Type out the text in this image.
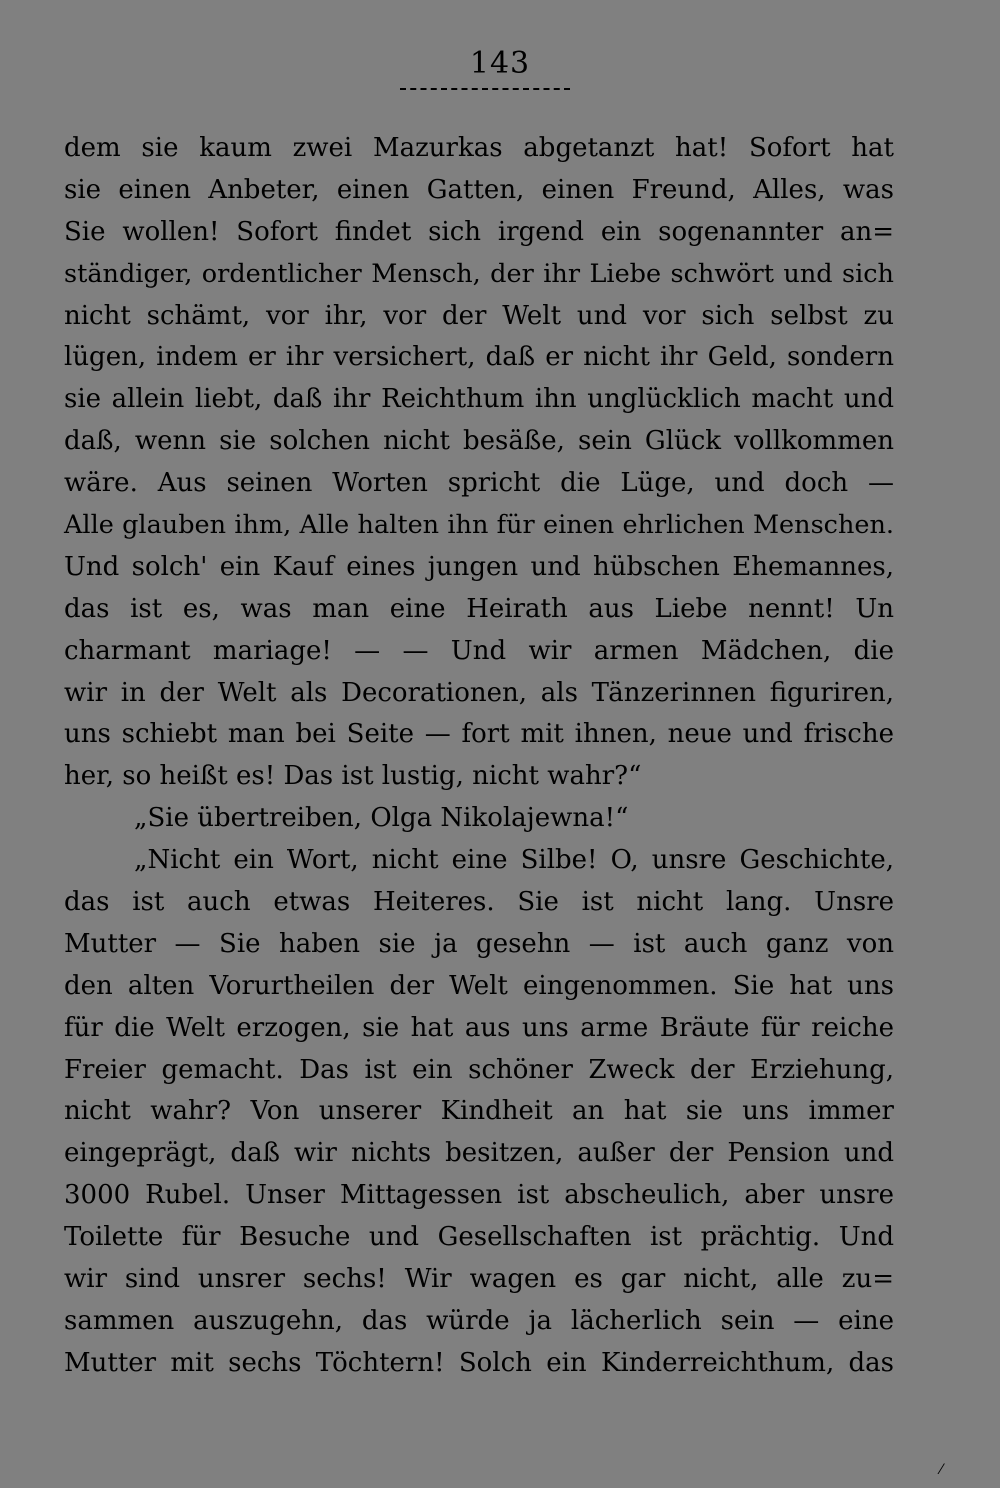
143
dem sie kaum zwei Mazurkas abgetanzt hat! Sofort hat
sie einen Anbeter, einen Gatten, einen Freund, Alles, was
Sie wollen! Sofort findet sich irgend ein sogenannter an=
ständiger, ordentlicher Mensch, der ihr Liebe schwört und sich
nicht schämt, vor ihr, vor der Welt und vor sich selbst zu
lügen, indem er ihr versichert, daß er nicht ihr Geld, sondern
sie allein liebt, daß ihr Reichthum ihn unglücklich macht und
daß, wenn sie solchen nicht besäße, sein Glück vollkommen
wäre. Aus seinen Worten spricht die Lüge, und doch —
Alle glauben ihm, Alle halten ihn für einen ehrlichen Menschen.
Und solch' ein Kauf eines jungen und hübschen Ehemannes,
das ist es, was man eine Heirath aus Liebe nennt! Un
charmant mariage! — — Und wir armen Mädchen, die
wir in der Welt als Decorationen, als Tänzerinnen figuriren,
uns schiebt man bei Seite — fort mit ihnen, neue und frische
her, so heißt es! Das ist lustig, nicht wahr?“
„Sie übertreiben, Olga Nikolajewna!“
„Nicht ein Wort, nicht eine Silbe! O, unsre Geschichte,
das ist auch etwas Heiteres. Sie ist nicht lang. Unsre
Mutter — Sie haben sie ja gesehn — ist auch ganz von
den alten Vorurtheilen der Welt eingenommen. Sie hat uns
für die Welt erzogen, sie hat aus uns arme Bräute für reiche
Freier gemacht. Das ist ein schöner Zweck der Erziehung,
nicht wahr? Von unserer Kindheit an hat sie uns immer
eingeprägt, daß wir nichts besitzen, außer der Pension und
3000 Rubel. Unser Mittagessen ist abscheulich, aber unsre
Toilette für Besuche und Gesellschaften ist prächtig. Und
wir sind unsrer sechs! Wir wagen es gar nicht, alle zu=
sammen auszugehn, das würde ja lächerlich sein — eine
Mutter mit sechs Töchtern! Solch ein Kinderreichthum, das
⁄
